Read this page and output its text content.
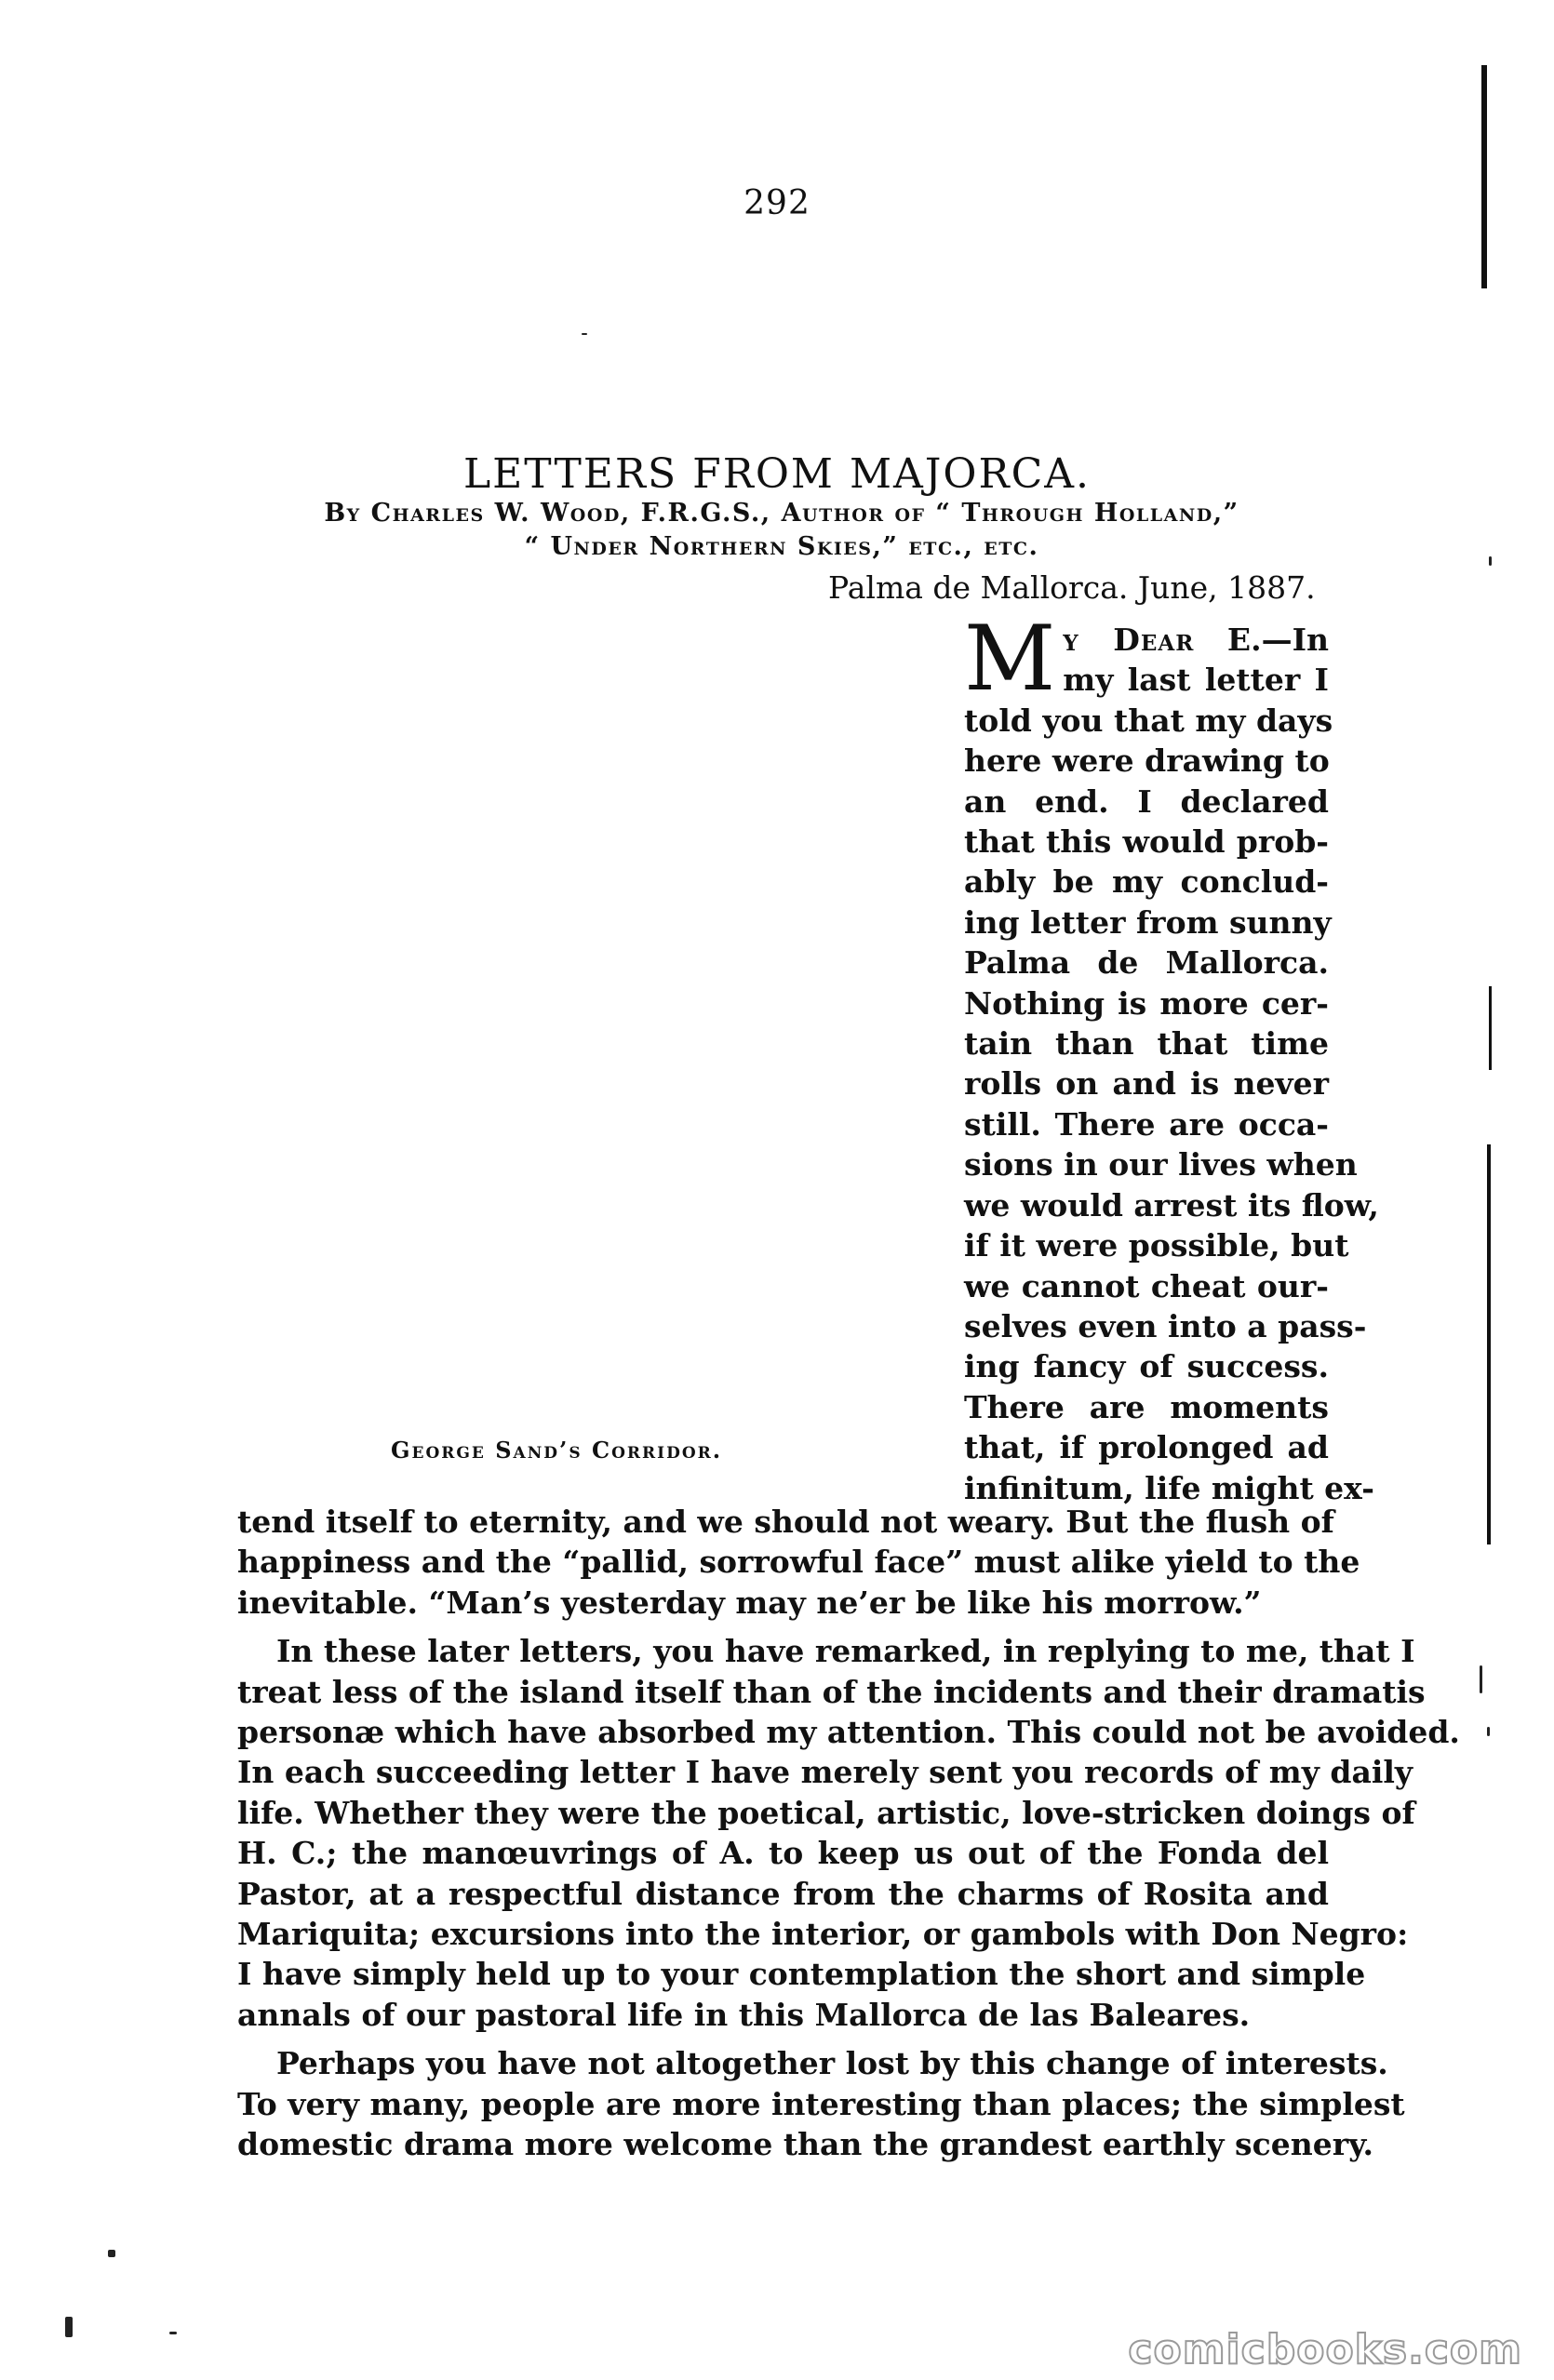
292
LETTERS FROM MAJORCA.
By Charles W. Wood, F.R.G.S., Author of “ Through Holland,”
“ Under Northern Skies,” etc., etc.
Palma de Mallorca. June, 1887.
George Sand’s Corridor.
M y Dear E.—In
my last letter I
told you that my days
here were drawing to
an end. I declared
that this would prob-
ably be my conclud-
ing letter from sunny
Palma de Mallorca.
Nothing is more cer-
tain than that time
rolls on and is never
still. There are occa-
sions in our lives when
we would arrest its flow,
if it were possible, but
we cannot cheat our-
selves even into a pass-
ing fancy of success.
There are moments
that, if prolonged ad
infinitum, life might ex-

tend itself to eternity, and we should not weary. But the flush of
happiness and the “pallid, sorrowful face” must alike yield to the
inevitable. “Man’s yesterday may ne’er be like his morrow.”

In these later letters, you have remarked, in replying to me, that I
treat less of the island itself than of the incidents and their dramatis
personæ which have absorbed my attention. This could not be avoided.
In each succeeding letter I have merely sent you records of my daily
life. Whether they were the poetical, artistic, love-stricken doings of
H. C.; the manœuvrings of A. to keep us out of the Fonda del
Pastor, at a respectful distance from the charms of Rosita and
Mariquita; excursions into the interior, or gambols with Don Negro:
I have simply held up to your contemplation the short and simple
annals of our pastoral life in this Mallorca de las Baleares.

Perhaps you have not altogether lost by this change of interests.
To very many, people are more interesting than places; the simplest
domestic drama more welcome than the grandest earthly scenery.

comicbooks.com
